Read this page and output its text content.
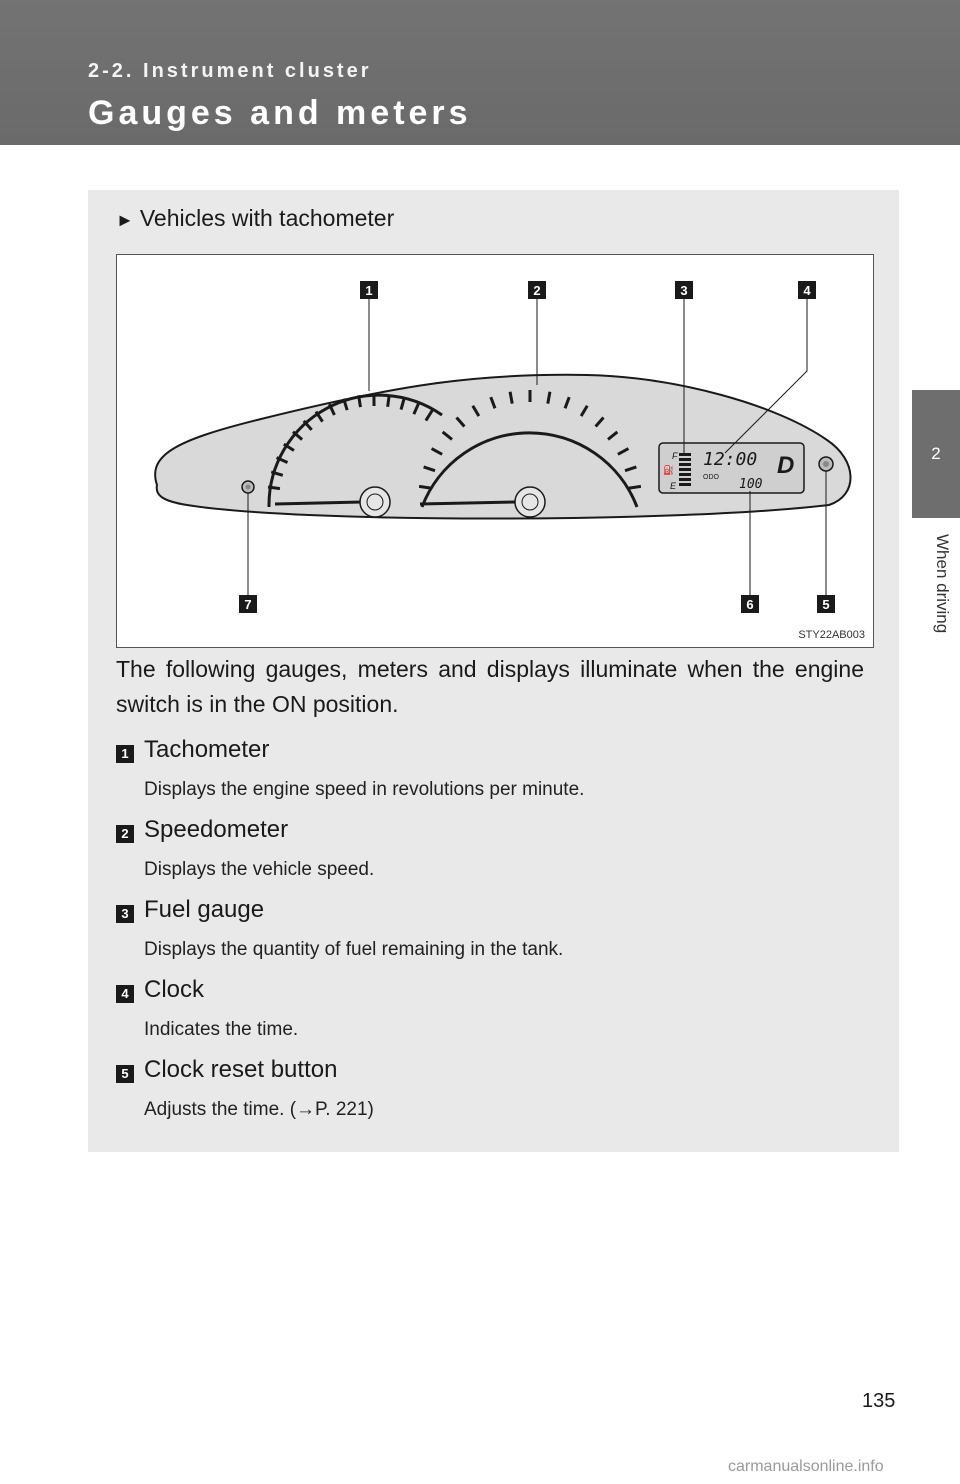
2-2. Instrument cluster
Gauges and meters
2
When driving
► Vehicles with tachometer
F
E
⛽ 12:00
ODO 100
D
1	2	3	4
5
6
7
STY22AB003
The following gauges, meters and displays illuminate when the engine switch is in the ON position.
1 Tachometer
Displays the engine speed in revolutions per minute.
2 Speedometer
Displays the vehicle speed.
3 Fuel gauge
Displays the quantity of fuel remaining in the tank.
4 Clock
Indicates the time.
5 Clock reset button
Adjusts the time. (→P. 221)
135
carmanualsonline.info
